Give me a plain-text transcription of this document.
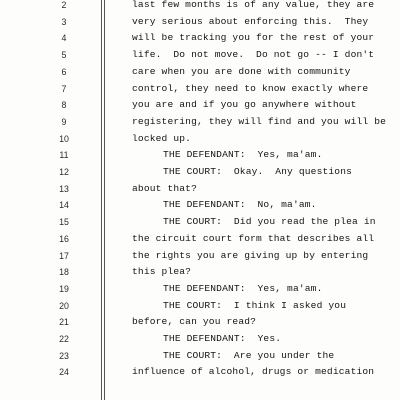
2	last few months is of any value, they are
3	very serious about enforcing this.  They
4	will be tracking you for the rest of your
5	life.  Do not move.  Do not go -- I don't
6	care when you are done with community
7	control, they need to know exactly where
8	you are and if you go anywhere without
9	registering, they will find and you will be
10	locked up.
11	THE DEFENDANT:  Yes, ma'am.
12	THE COURT:  Okay.  Any questions
13	about that?
14	THE DEFENDANT:  No, ma'am.
15	THE COURT:  Did you read the plea in
16	the circuit court form that describes all
17	the rights you are giving up by entering
18	this plea?
19	THE DEFENDANT:  Yes, ma'am.
20	THE COURT:  I think I asked you
21	before, can you read?
22	THE DEFENDANT:  Yes.
23	THE COURT:  Are you under the
24	influence of alcohol, drugs or medication
